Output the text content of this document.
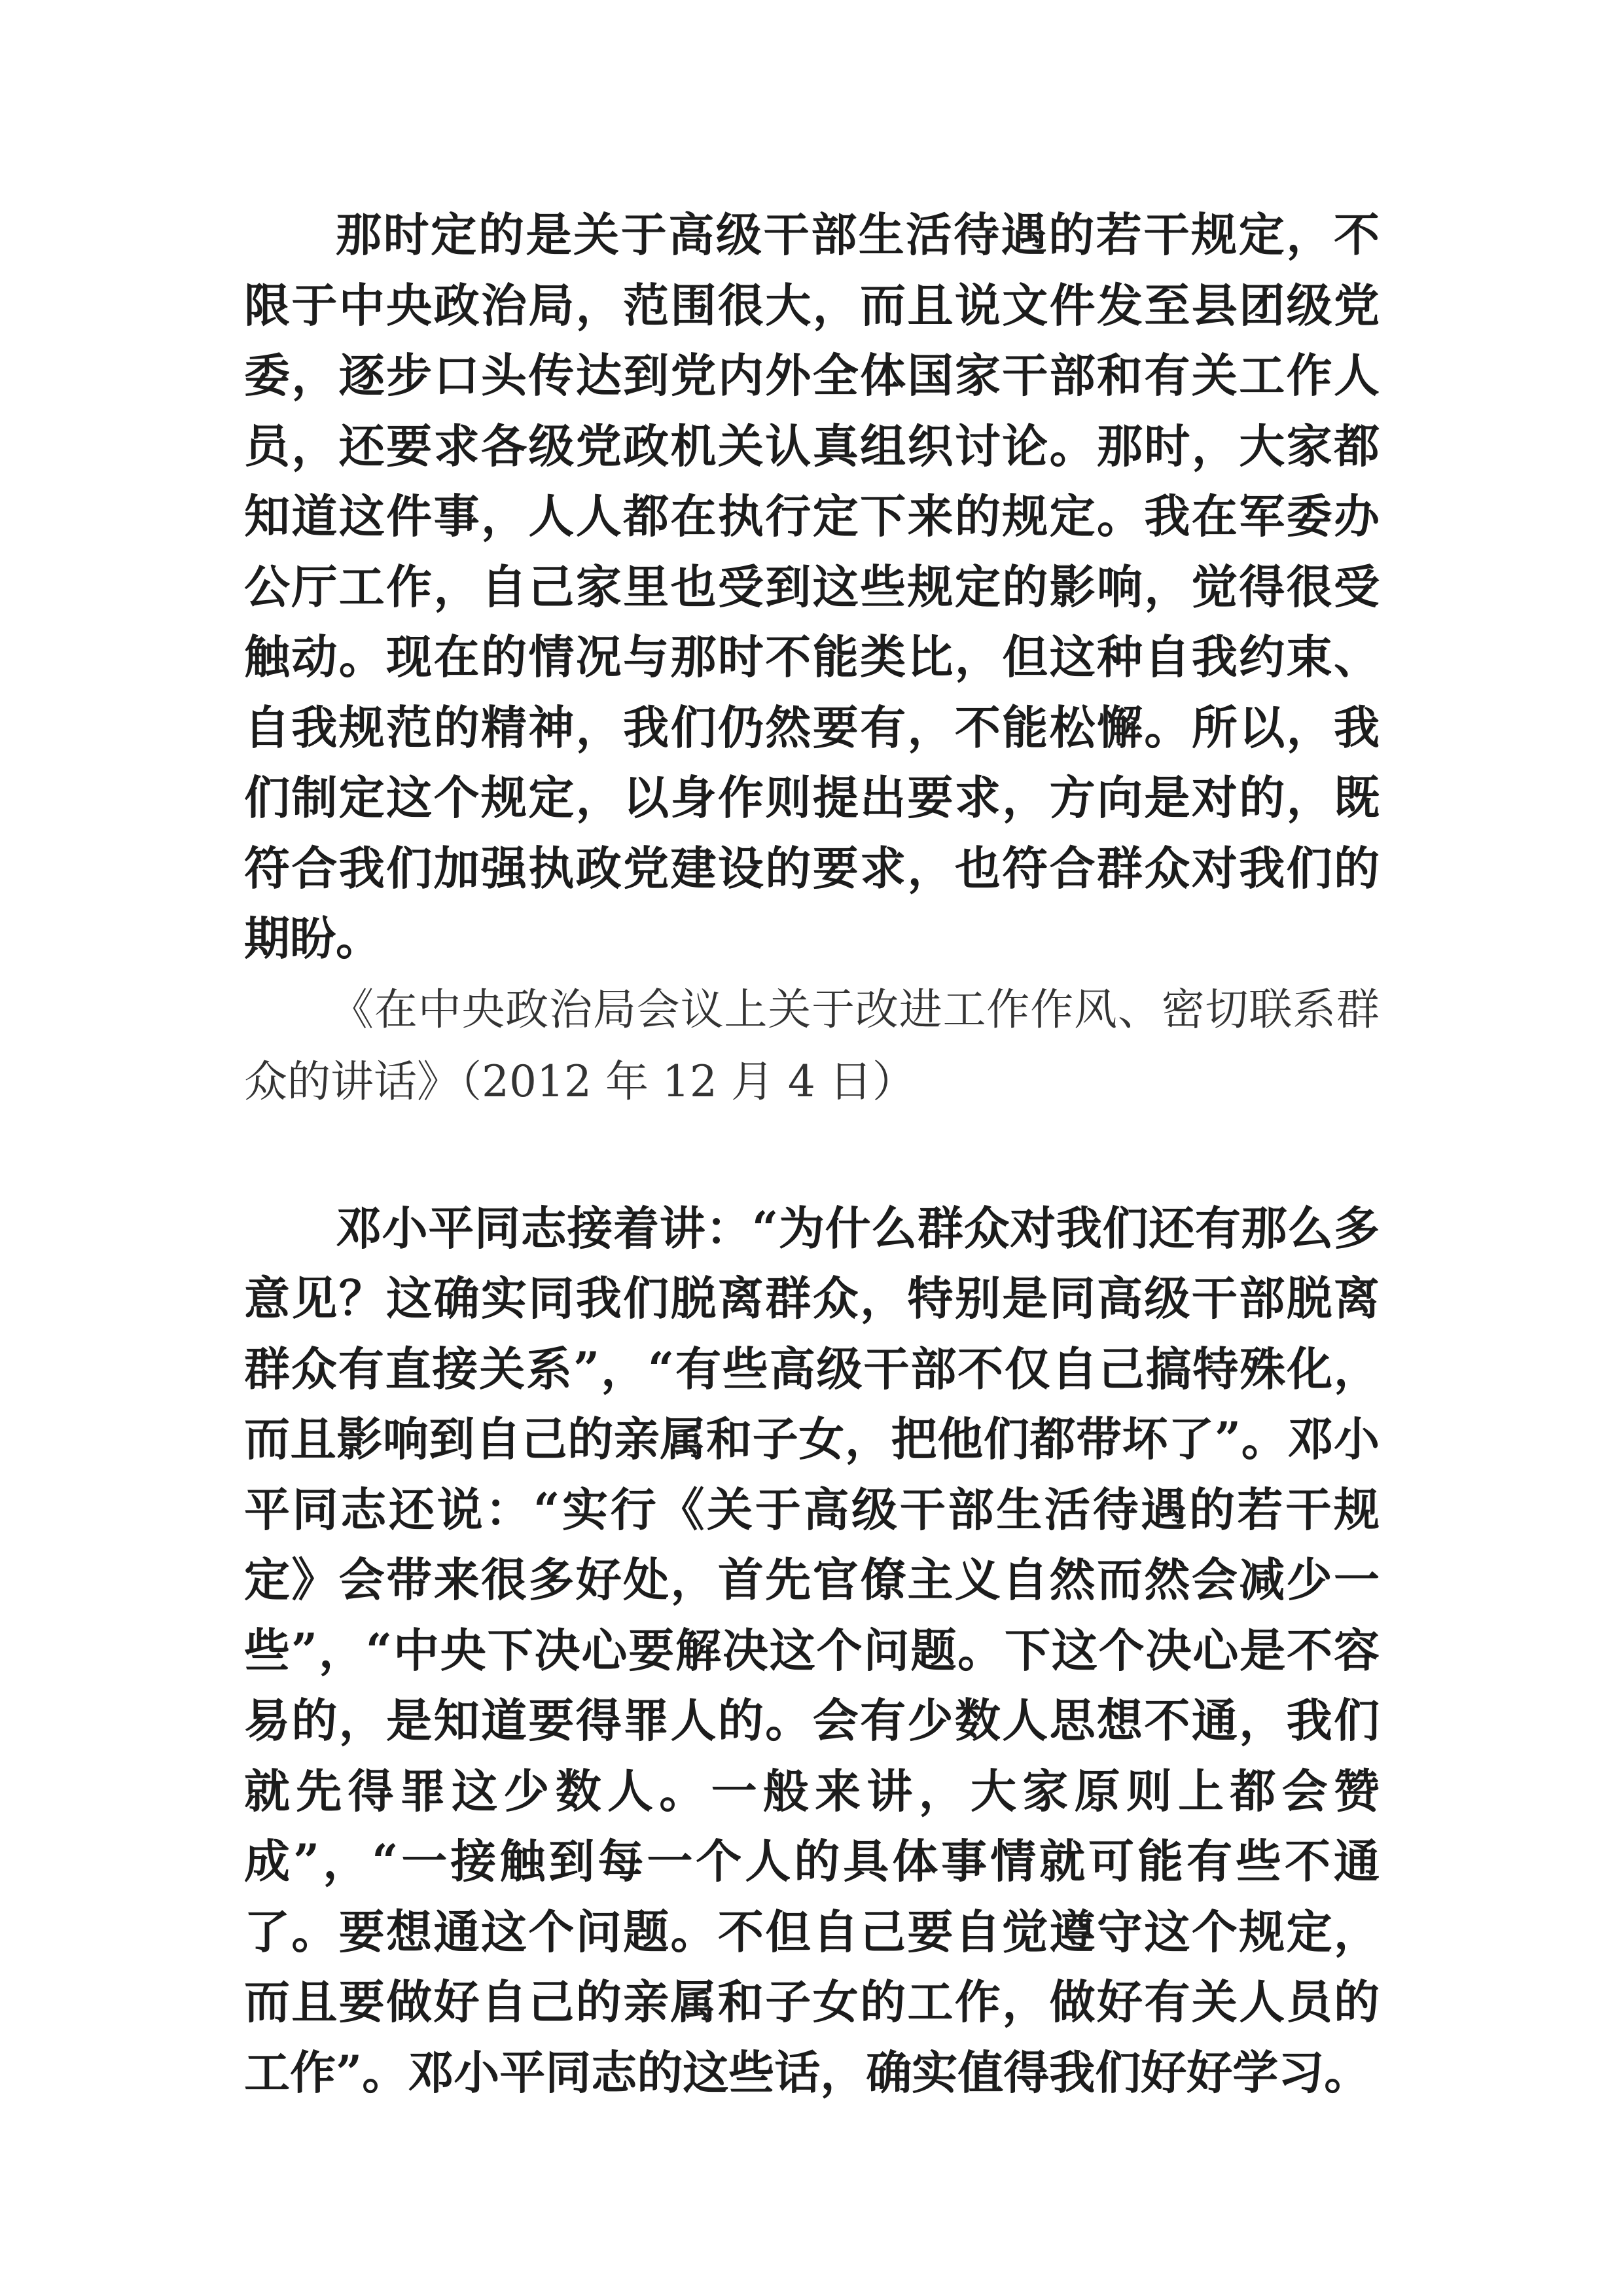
那时定的是关于高级干部生活待遇的若干规定，不限于中央政治局，范围很大，而且说文件发至县团级党委，逐步口头传达到党内外全体国家干部和有关工作人员，还要求各级党政机关认真组织讨论。那时，大家都知道这件事，人人都在执行定下来的规定。我在军委办公厅工作，自己家里也受到这些规定的影响，觉得很受触动。现在的情况与那时不能类比，但这种自我约束、自我规范的精神，我们仍然要有，不能松懈。所以，我们制定这个规定，以身作则提出要求，方向是对的，既符合我们加强执政党建设的要求，也符合群众对我们的期盼。

《在中央政治局会议上关于改进工作作风、密切联系群众的讲话》（2012 年 12 月 4 日）

邓小平同志接着讲：“为什么群众对我们还有那么多意见？这确实同我们脱离群众，特别是同高级干部脱离群众有直接关系”，“有些高级干部不仅自己搞特殊化，而且影响到自己的亲属和子女，把他们都带坏了”。邓小平同志还说：“实行《关于高级干部生活待遇的若干规定》会带来很多好处，首先官僚主义自然而然会减少一些”，“中央下决心要解决这个问题。下这个决心是不容易的，是知道要得罪人的。会有少数人思想不通，我们就先得罪这少数人。一般来讲，大家原则上都会赞成”，“一接触到每一个人的具体事情就可能有些不通了。要想通这个问题。不但自己要自觉遵守这个规定，而且要做好自己的亲属和子女的工作，做好有关人员的工作”。邓小平同志的这些话，确实值得我们好好学习。
